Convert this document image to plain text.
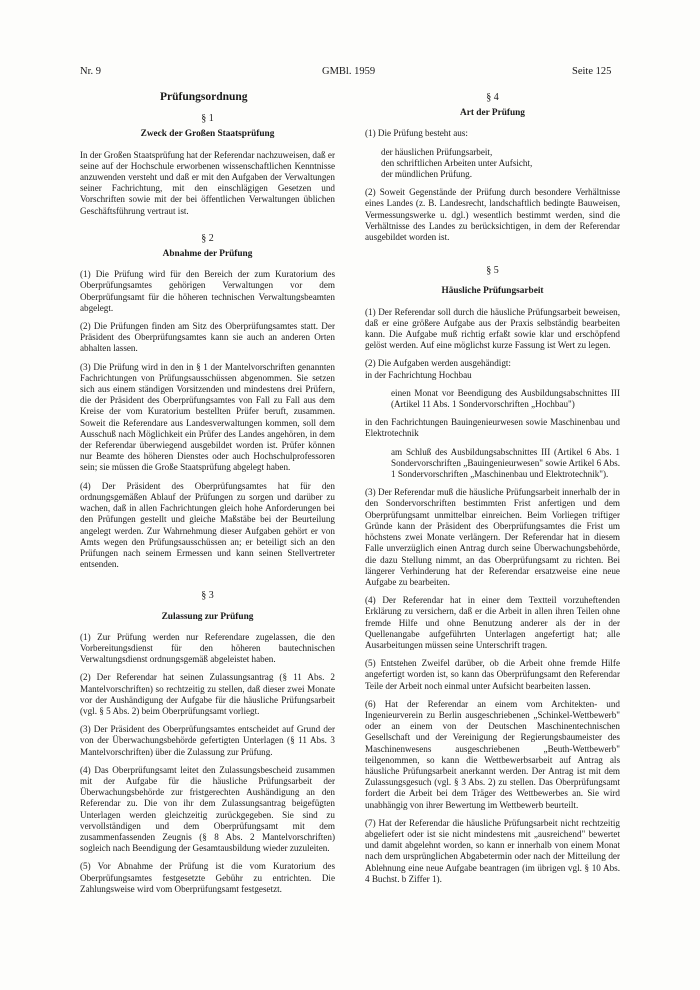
Nr. 9	GMBl. 1959	Seite 125
Prüfungsordnung
§ 1
Zweck der Großen Staatsprüfung

In der Großen Staatsprüfung hat der Referendar nachzuweisen, daß er seine auf der Hochschule erworbenen wissenschaftlichen Kenntnisse anzuwenden versteht und daß er mit den Aufgaben der Verwaltungen seiner Fachrichtung, mit den einschlägigen Gesetzen und Vorschriften sowie mit der bei öffentlichen Verwaltungen üblichen Geschäftsführung vertraut ist.

§ 2
Abnahme der Prüfung

(1) Die Prüfung wird für den Bereich der zum Kuratorium des Oberprüfungsamtes gehörigen Verwaltungen vor dem Oberprüfungsamt für die höheren technischen Verwaltungsbeamten abgelegt.

(2) Die Prüfungen finden am Sitz des Oberprüfungsamtes statt. Der Präsident des Oberprüfungsamtes kann sie auch an anderen Orten abhalten lassen.

(3) Die Prüfung wird in den in § 1 der Mantelvorschriften genannten Fachrichtungen von Prüfungsausschüssen abgenommen. Sie setzen sich aus einem ständigen Vorsitzenden und mindestens drei Prüfern, die der Präsident des Oberprüfungsamtes von Fall zu Fall aus dem Kreise der vom Kuratorium bestellten Prüfer beruft, zusammen. Soweit die Referendare aus Landesverwaltungen kommen, soll dem Ausschuß nach Möglichkeit ein Prüfer des Landes angehören, in dem der Referendar überwiegend ausgebildet worden ist. Prüfer können nur Beamte des höheren Dienstes oder auch Hochschulprofessoren sein; sie müssen die Große Staatsprüfung abgelegt haben.

(4) Der Präsident des Oberprüfungsamtes hat für den ordnungsgemäßen Ablauf der Prüfungen zu sorgen und darüber zu wachen, daß in allen Fachrichtungen gleich hohe Anforderungen bei den Prüfungen gestellt und gleiche Maßstäbe bei der Beurteilung angelegt werden. Zur Wahrnehmung dieser Aufgaben gehört er von Amts wegen den Prüfungsausschüssen an; er beteiligt sich an den Prüfungen nach seinem Ermessen und kann seinen Stellvertreter entsenden.

§ 3
Zulassung zur Prüfung

(1) Zur Prüfung werden nur Referendare zugelassen, die den Vorbereitungsdienst für den höheren bautechnischen Verwaltungsdienst ordnungsgemäß abgeleistet haben.

(2) Der Referendar hat seinen Zulassungsantrag (§ 11 Abs. 2 Mantelvorschriften) so rechtzeitig zu stellen, daß dieser zwei Monate vor der Aushändigung der Aufgabe für die häusliche Prüfungsarbeit (vgl. § 5 Abs. 2) beim Oberprüfungsamt vorliegt.

(3) Der Präsident des Oberprüfungsamtes entscheidet auf Grund der von der Überwachungsbehörde gefertigten Unterlagen (§ 11 Abs. 3 Mantelvorschriften) über die Zulassung zur Prüfung.

(4) Das Oberprüfungsamt leitet den Zulassungsbescheid zusammen mit der Aufgabe für die häusliche Prüfungsarbeit der Überwachungsbehörde zur fristgerechten Aushändigung an den Referendar zu. Die von ihr dem Zulassungsantrag beigefügten Unterlagen werden gleichzeitig zurückgegeben. Sie sind zu vervollständigen und dem Oberprüfungsamt mit dem zusammenfassenden Zeugnis (§ 8 Abs. 2 Mantelvorschriften) sogleich nach Beendigung der Gesamtausbildung wieder zuzuleiten.

(5) Vor Abnahme der Prüfung ist die vom Kuratorium des Oberprüfungsamtes festgesetzte Gebühr zu entrichten. Die Zahlungsweise wird vom Oberprüfungsamt festgesetzt.

§ 4
Art der Prüfung

(1) Die Prüfung besteht aus:

der häuslichen Prüfungsarbeit,
den schriftlichen Arbeiten unter Aufsicht,
der mündlichen Prüfung.

(2) Soweit Gegenstände der Prüfung durch besondere Verhältnisse eines Landes (z. B. Landesrecht, landschaftlich bedingte Bauweisen, Vermessungswerke u. dgl.) wesentlich bestimmt werden, sind die Verhältnisse des Landes zu berücksichtigen, in dem der Referendar ausgebildet worden ist.

§ 5
Häusliche Prüfungsarbeit

(1) Der Referendar soll durch die häusliche Prüfungsarbeit beweisen, daß er eine größere Aufgabe aus der Praxis selbständig bearbeiten kann. Die Aufgabe muß richtig erfaßt sowie klar und erschöpfend gelöst werden. Auf eine möglichst kurze Fassung ist Wert zu legen.

(2) Die Aufgaben werden ausgehändigt:

in der Fachrichtung Hochbau

einen Monat vor Beendigung des Ausbildungsabschnittes III (Artikel 11 Abs. 1 Sondervorschriften „Hochbau")

in den Fachrichtungen Bauingenieurwesen sowie Maschinenbau und Elektrotechnik

am Schluß des Ausbildungsabschnittes III (Artikel 6 Abs. 1 Sondervorschriften „Bauingenieurwesen" sowie Artikel 6 Abs. 1 Sondervorschriften „Maschinenbau und Elektrotechnik").

(3) Der Referendar muß die häusliche Prüfungsarbeit innerhalb der in den Sondervorschriften bestimmten Frist anfertigen und dem Oberprüfungsamt unmittelbar einreichen. Beim Vorliegen triftiger Gründe kann der Präsident des Oberprüfungsamtes die Frist um höchstens zwei Monate verlängern. Der Referendar hat in diesem Falle unverzüglich einen Antrag durch seine Überwachungsbehörde, die dazu Stellung nimmt, an das Oberprüfungsamt zu richten. Bei längerer Verhinderung hat der Referendar ersatzweise eine neue Aufgabe zu bearbeiten.

(4) Der Referendar hat in einer dem Textteil vorzuheftenden Erklärung zu versichern, daß er die Arbeit in allen ihren Teilen ohne fremde Hilfe und ohne Benutzung anderer als der in der Quellenangabe aufgeführten Unterlagen angefertigt hat; alle Ausarbeitungen müssen seine Unterschrift tragen.

(5) Entstehen Zweifel darüber, ob die Arbeit ohne fremde Hilfe angefertigt worden ist, so kann das Oberprüfungsamt den Referendar Teile der Arbeit noch einmal unter Aufsicht bearbeiten lassen.

(6) Hat der Referendar an einem vom Architekten- und Ingenieurverein zu Berlin ausgeschriebenen „Schinkel-Wettbewerb" oder an einem von der Deutschen Maschinentechnischen Gesellschaft und der Vereinigung der Regierungsbaumeister des Maschinenwesens ausgeschriebenen „Beuth-Wettbewerb" teilgenommen, so kann die Wettbewerbsarbeit auf Antrag als häusliche Prüfungsarbeit anerkannt werden. Der Antrag ist mit dem Zulassungsgesuch (vgl. § 3 Abs. 2) zu stellen. Das Oberprüfungsamt fordert die Arbeit bei dem Träger des Wettbewerbes an. Sie wird unabhängig von ihrer Bewertung im Wettbewerb beurteilt.

(7) Hat der Referendar die häusliche Prüfungsarbeit nicht rechtzeitig abgeliefert oder ist sie nicht mindestens mit „ausreichend" bewertet und damit abgelehnt worden, so kann er innerhalb von einem Monat nach dem ursprünglichen Abgabetermin oder nach der Mitteilung der Ablehnung eine neue Aufgabe beantragen (im übrigen vgl. § 10 Abs. 4 Buchst. b Ziffer 1).
